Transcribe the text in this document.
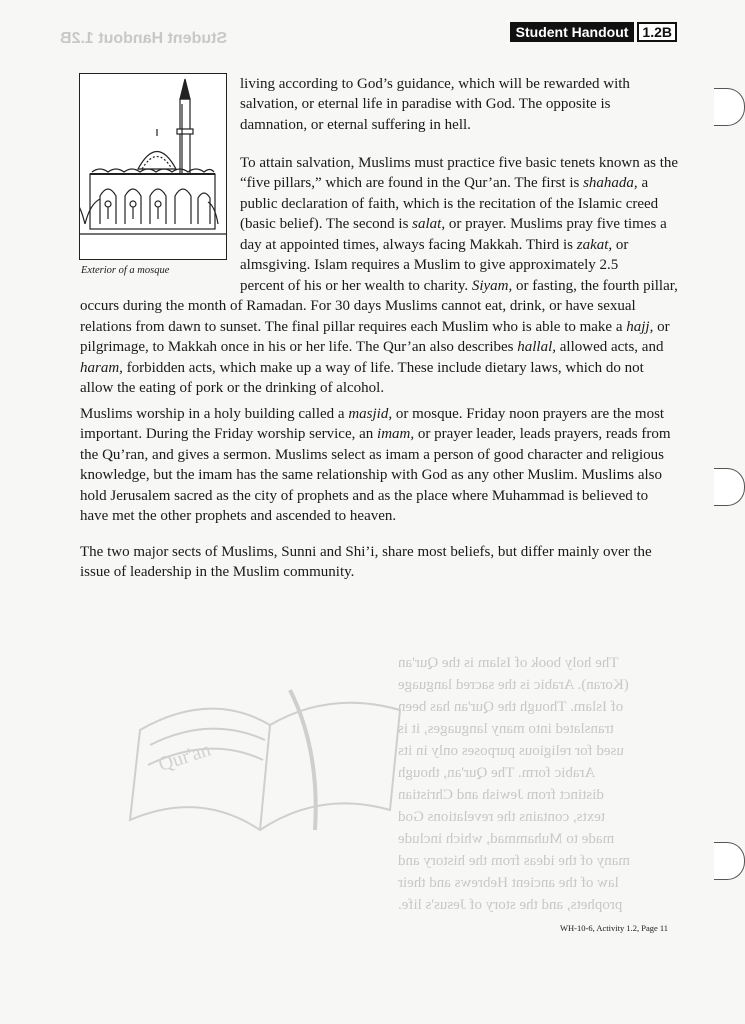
Student Handout 1.2B
The holy book of Islam is the Qur'an
(Koran). Arabic is the sacred language
of Islam. Though the Qur'an has been
translated into many languages, it is
used for religious purposes only in its
Arabic form. The Qur'an, though
distinct from Jewish and Christian
texts, contains the revelations God
made to Muhammad, which include
many of the ideas from the history and
law of the ancient Hebrews and their
prophets, and the story of Jesus's life.
Qur'an
Student Handout	1.2B
Exterior of a mosque

living according to God’s guidance, which will be rewarded with salvation, or eternal life in paradise with God. The opposite is damnation, or eternal suffering in hell.

To attain salvation, Muslims must practice five basic tenets known as the “five pillars,” which are found in the Qur’an. The first is shahada, a public declaration of faith, which is the recitation of the Islamic creed (basic belief). The second is salat, or prayer. Muslims pray five times a day at appointed times, always facing Makkah. Third is zakat, or almsgiving. Islam requires a Muslim to give approximately 2.5

percent of his or her wealth to charity. Siyam, or fasting, the fourth pillar, occurs during the month of Ramadan. For 30 days Muslims cannot eat, drink, or have sexual relations from dawn to sunset. The final pillar requires each Muslim who is able to make a hajj, or pilgrimage, to Makkah once in his or her life. The Qur’an also describes hallal, allowed acts, and haram, forbidden acts, which make up a way of life. These include dietary laws, which do not allow the eating of pork or the drinking of alcohol.

Muslims worship in a holy building called a masjid, or mosque. Friday noon prayers are the most important. During the Friday worship service, an imam, or prayer leader, leads prayers, reads from the Qu’ran, and gives a sermon. Muslims select as imam a person of good character and religious knowledge, but the imam has the same relationship with God as any other Muslim. Muslims also hold Jerusalem sacred as the city of prophets and as the place where Muhammad is believed to have met the other prophets and ascended to heaven.

The two major sects of Muslims, Sunni and Shi’i, share most beliefs, but differ mainly over the issue of leadership in the Muslim community.

WH-10-6, Activity 1.2, Page 11
